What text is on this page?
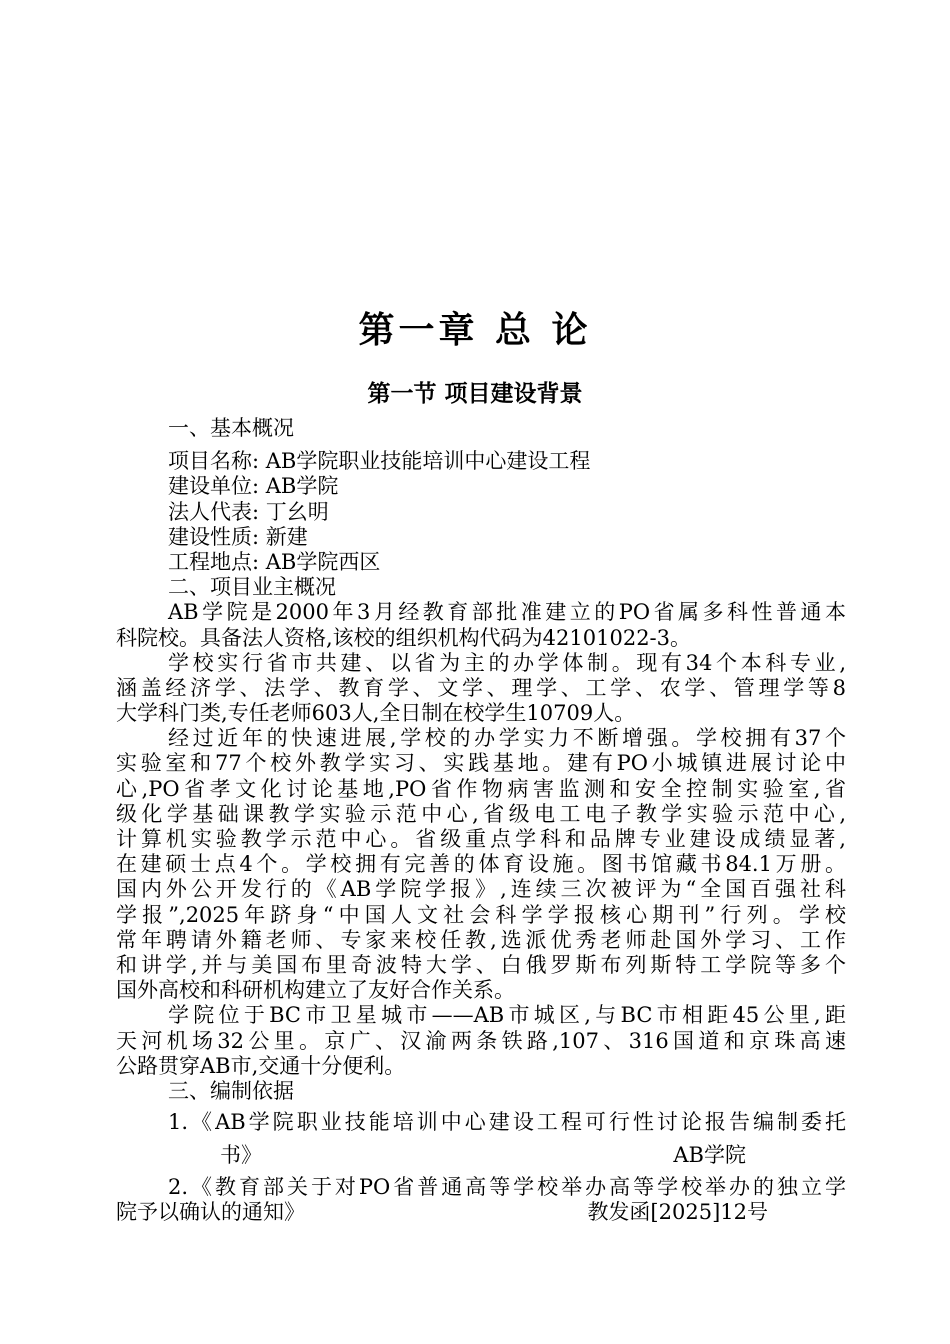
第一章 总 论
第一节 项目建设背景
一、基本概况
项目名称: AB学院职业技能培训中心建设工程
建设单位: AB学院
法人代表: 丁幺明
建设性质: 新建
工程地点: AB学院西区
二、项目业主概况
AB学院是2000年3月经教育部批准建立的PO省属多科性普通本
科院校。具备法人资格,该校的组织机构代码为42101022-3。
学校实行省市共建、以省为主的办学体制。现有34个本科专业,
涵盖经济学、法学、教育学、文学、理学、工学、农学、管理学等8
大学科门类,专任老师603人,全日制在校学生10709人。
经过近年的快速进展,学校的办学实力不断增强。学校拥有37个
实验室和77个校外教学实习、实践基地。建有PO小城镇进展讨论中
心,PO省孝文化讨论基地,PO省作物病害监测和安全控制实验室,省
级化学基础课教学实验示范中心,省级电工电子教学实验示范中心,
计算机实验教学示范中心。省级重点学科和品牌专业建设成绩显著,
在建硕士点4个。学校拥有完善的体育设施。图书馆藏书84.1万册。
国内外公开发行的《AB学院学报》,连续三次被评为“全国百强社科
学报”,2025年跻身“中国人文社会科学学报核心期刊”行列。学校
常年聘请外籍老师、专家来校任教,选派优秀老师赴国外学习、工作
和讲学,并与美国布里奇波特大学、白俄罗斯布列斯特工学院等多个
国外高校和科研机构建立了友好合作关系。
学院位于BC市卫星城市——AB市城区,与BC市相距45公里,距
天河机场32公里。京广、汉渝两条铁路,107、316国道和京珠高速
公路贯穿AB市,交通十分便利。
三、编制依据
1.《AB学院职业技能培训中心建设工程可行性讨论报告编制委托
书》	AB学院
2.《教育部关于对PO省普通高等学校举办高等学校举办的独立学
院予以确认的通知》	教发函[2025]12号
